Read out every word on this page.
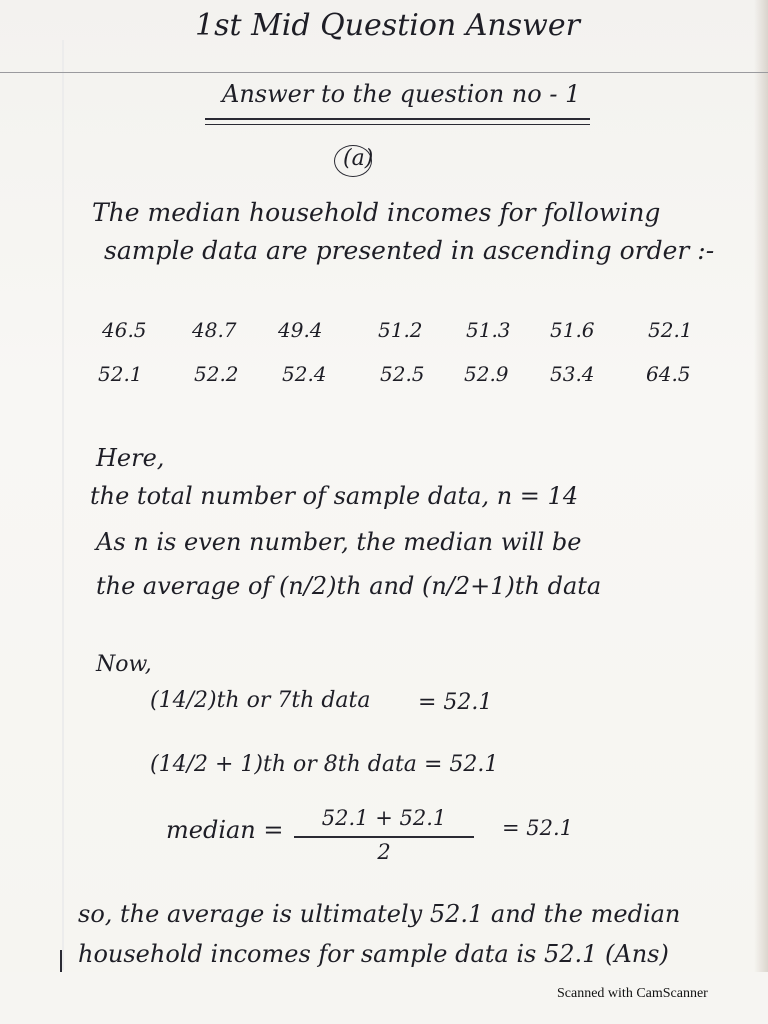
1st Mid Question Answer
Answer to the question no - 1
(a)
The median household incomes for following
sample data are presented in ascending order :-
46.5 48.7 49.4	51.2 51.3 51.6	52.1
52.1	52.2 52.4	52.5 52.9 53.4	64.5
Here,
the total number of sample data, n = 14
As n is even number, the median will be
the average of (n/2)th and (n/2+1)th data
Now,
(14/2)th or 7th data = 52.1
(14/2 + 1)th or 8th data = 52.1
median =	52.1 + 52.1
2
= 52.1
so, the average is ultimately 52.1 and the median
household incomes for sample data is 52.1 (Ans)
Scanned with CamScanner
